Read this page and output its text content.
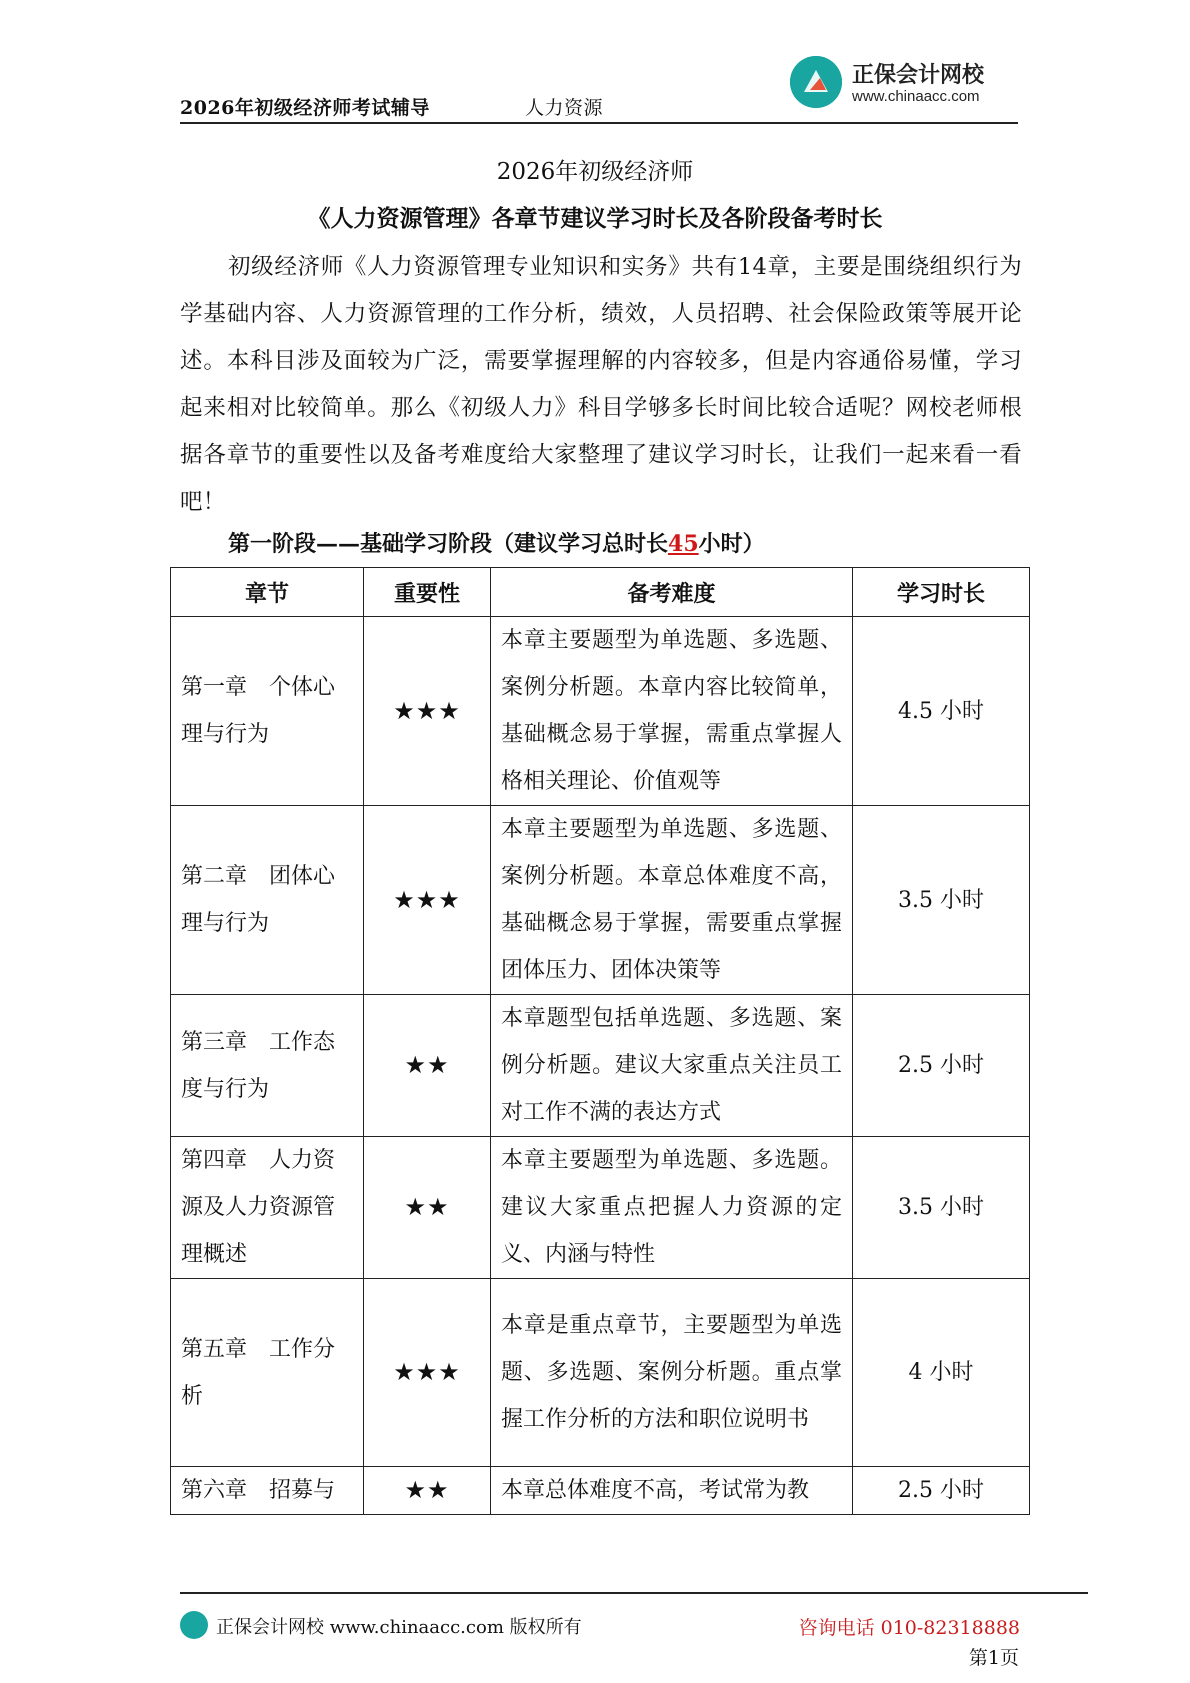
2026年初级经济师考试辅导	人力资源
正保会计网校
www.chinaacc.com
2026年初级经济师
《人力资源管理》各章节建议学习时长及各阶段备考时长
初级经济师《人力资源管理专业知识和实务》共有14章，主要是围绕组织行为学基础内容、人力资源管理的工作分析，绩效，人员招聘、社会保险政策等展开论述。本科目涉及面较为广泛，需要掌握理解的内容较多，但是内容通俗易懂，学习起来相对比较简单。那么《初级人力》科目学够多长时间比较合适呢？网校老师根据各章节的重要性以及备考难度给大家整理了建议学习时长，让我们一起来看一看吧！
第一阶段——基础学习阶段（建议学习总时长45小时）
章节	重要性	备考难度	学习时长
第一章　个体心理与行为	★★★	本章主要题型为单选题、多选题、案例分析题。本章内容比较简单，基础概念易于掌握，需重点掌握人格相关理论、价值观等	4.5 小时
第二章　团体心理与行为	★★★	本章主要题型为单选题、多选题、案例分析题。本章总体难度不高，基础概念易于掌握，需要重点掌握团体压力、团体决策等	3.5 小时
第三章　工作态度与行为	★★	本章题型包括单选题、多选题、案例分析题。建议大家重点关注员工对工作不满的表达方式	2.5 小时
第四章　人力资源及人力资源管理概述	★★	本章主要题型为单选题、多选题。建议大家重点把握人力资源的定义、内涵与特性	3.5 小时
第五章　工作分析	★★★	本章是重点章节，主要题型为单选题、多选题、案例分析题。重点掌握工作分析的方法和职位说明书	4 小时
第六章　招募与	★★	本章总体难度不高，考试常为教	2.5 小时
正保会计网校 www.chinaacc.com 版权所有	咨询电话 010-82318888
第1页
